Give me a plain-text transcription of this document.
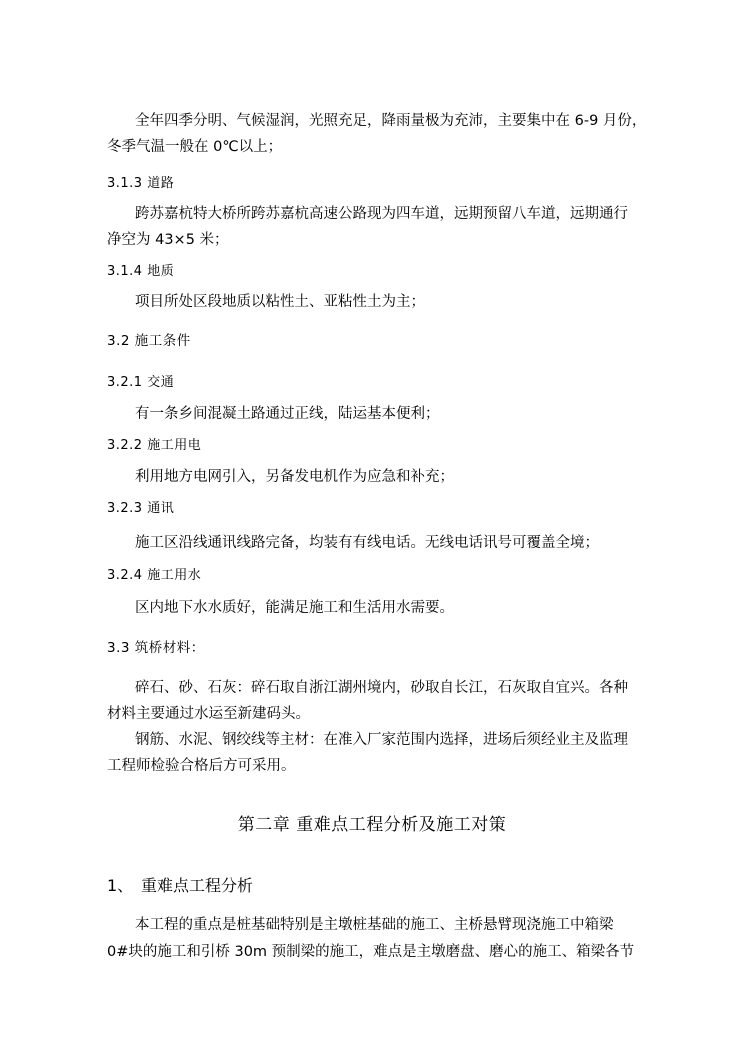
全年四季分明、气候湿润，光照充足，降雨量极为充沛，主要集中在 6-9 月份，
冬季气温一般在 0℃以上；
3.1.3 道路
跨苏嘉杭特大桥所跨苏嘉杭高速公路现为四车道，远期预留八车道，远期通行
净空为 43×5 米；
3.1.4 地质
项目所处区段地质以粘性土、亚粘性土为主；
3.2 施工条件
3.2.1 交通
有一条乡间混凝土路通过正线，陆运基本便利；
3.2.2 施工用电
利用地方电网引入，另备发电机作为应急和补充；
3.2.3 通讯
施工区沿线通讯线路完备，均装有有线电话。无线电话讯号可覆盖全境；
3.2.4 施工用水
区内地下水水质好，能满足施工和生活用水需要。
3.3 筑桥材料：
碎石、砂、石灰：碎石取自浙江湖州境内，砂取自长江，石灰取自宜兴。各种
材料主要通过水运至新建码头。
钢筋、水泥、钢绞线等主材：在准入厂家范围内选择，进场后须经业主及监理
工程师检验合格后方可采用。
第二章 重难点工程分析及施工对策
1、 重难点工程分析
本工程的重点是桩基础特别是主墩桩基础的施工、主桥悬臂现浇施工中箱梁
0#块的施工和引桥 30m 预制梁的施工，难点是主墩磨盘、磨心的施工、箱梁各节
